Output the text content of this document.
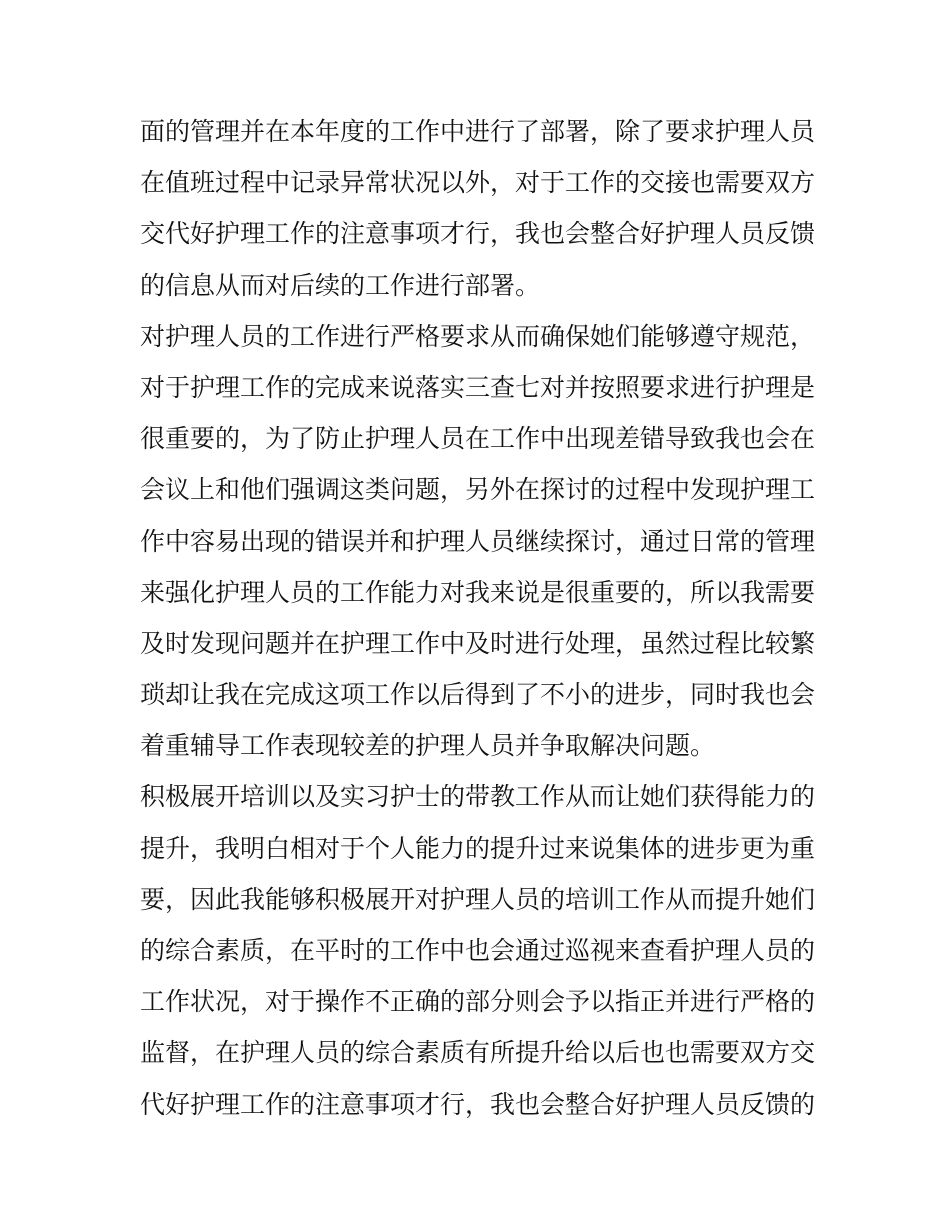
面的管理并在本年度的工作中进行了部署，除了要求护理人员
在值班过程中记录异常状况以外，对于工作的交接也需要双方
交代好护理工作的注意事项才行，我也会整合好护理人员反馈
的信息从而对后续的工作进行部署。
对护理人员的工作进行严格要求从而确保她们能够遵守规范，
对于护理工作的完成来说落实三查七对并按照要求进行护理是
很重要的，为了防止护理人员在工作中出现差错导致我也会在
会议上和他们强调这类问题，另外在探讨的过程中发现护理工
作中容易出现的错误并和护理人员继续探讨，通过日常的管理
来强化护理人员的工作能力对我来说是很重要的，所以我需要
及时发现问题并在护理工作中及时进行处理，虽然过程比较繁
琐却让我在完成这项工作以后得到了不小的进步，同时我也会
着重辅导工作表现较差的护理人员并争取解决问题。
积极展开培训以及实习护士的带教工作从而让她们获得能力的
提升，我明白相对于个人能力的提升过来说集体的进步更为重
要，因此我能够积极展开对护理人员的培训工作从而提升她们
的综合素质，在平时的工作中也会通过巡视来查看护理人员的
工作状况，对于操作不正确的部分则会予以指正并进行严格的
监督，在护理人员的综合素质有所提升给以后也也需要双方交
代好护理工作的注意事项才行，我也会整合好护理人员反馈的
